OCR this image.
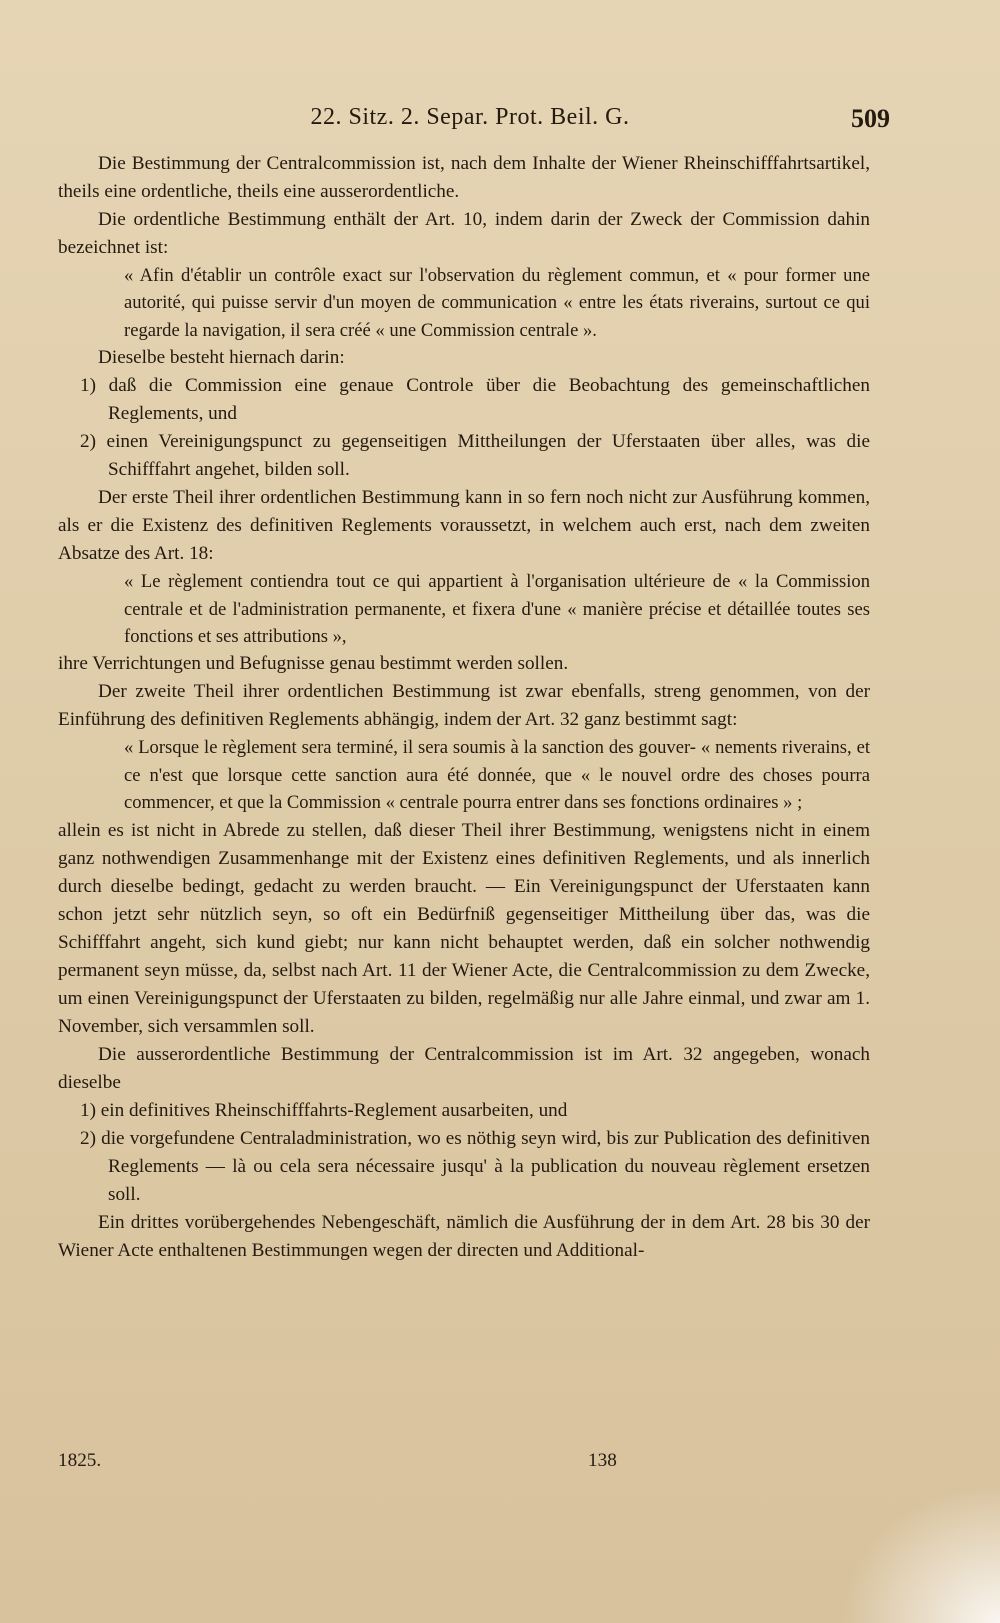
22. Sitz. 2. Separ. Prot. Beil. G.	509

Die Bestimmung der Centralcommission ist, nach dem Inhalte der Wiener Rheinschifffahrtsartikel, theils eine ordentliche, theils eine ausserordentliche.

Die ordentliche Bestimmung enthält der Art. 10, indem darin der Zweck der Commission dahin bezeichnet ist:

« Afin d'établir un contrôle exact sur l'observation du règlement commun, et « pour former une autorité, qui puisse servir d'un moyen de communication « entre les états riverains, surtout ce qui regarde la navigation, il sera créé « une Commission centrale ».

Dieselbe besteht hiernach darin:

1) daß die Commission eine genaue Controle über die Beobachtung des gemeinschaftlichen Reglements, und

2) einen Vereinigungspunct zu gegenseitigen Mittheilungen der Uferstaaten über alles, was die Schifffahrt angehet, bilden soll.

Der erste Theil ihrer ordentlichen Bestimmung kann in so fern noch nicht zur Ausführung kommen, als er die Existenz des definitiven Reglements voraussetzt, in welchem auch erst, nach dem zweiten Absatze des Art. 18:

« Le règlement contiendra tout ce qui appartient à l'organisation ultérieure de « la Commission centrale et de l'administration permanente, et fixera d'une « manière précise et détaillée toutes ses fonctions et ses attributions »,

ihre Verrichtungen und Befugnisse genau bestimmt werden sollen.

Der zweite Theil ihrer ordentlichen Bestimmung ist zwar ebenfalls, streng genommen, von der Einführung des definitiven Reglements abhängig, indem der Art. 32 ganz bestimmt sagt:

« Lorsque le règlement sera terminé, il sera soumis à la sanction des gouver- « nements riverains, et ce n'est que lorsque cette sanction aura été donnée, que « le nouvel ordre des choses pourra commencer, et que la Commission « centrale pourra entrer dans ses fonctions ordinaires » ;

allein es ist nicht in Abrede zu stellen, daß dieser Theil ihrer Bestimmung, wenigstens nicht in einem ganz nothwendigen Zusammenhange mit der Existenz eines definitiven Reglements, und als innerlich durch dieselbe bedingt, gedacht zu werden braucht. — Ein Vereinigungspunct der Uferstaaten kann schon jetzt sehr nützlich seyn, so oft ein Bedürfniß gegenseitiger Mittheilung über das, was die Schifffahrt angeht, sich kund giebt; nur kann nicht behauptet werden, daß ein solcher nothwendig permanent seyn müsse, da, selbst nach Art. 11 der Wiener Acte, die Centralcommission zu dem Zwecke, um einen Vereinigungspunct der Uferstaaten zu bilden, regelmäßig nur alle Jahre einmal, und zwar am 1. November, sich versammlen soll.

Die ausserordentliche Bestimmung der Centralcommission ist im Art. 32 angegeben, wonach dieselbe

1) ein definitives Rheinschifffahrts-Reglement ausarbeiten, und

2) die vorgefundene Centraladministration, wo es nöthig seyn wird, bis zur Publication des definitiven Reglements — là ou cela sera nécessaire jusqu' à la publication du nouveau règlement ersetzen soll.

Ein drittes vorübergehendes Nebengeschäft, nämlich die Ausführung der in dem Art. 28 bis 30 der Wiener Acte enthaltenen Bestimmungen wegen der directen und Additional-

1825.	138
